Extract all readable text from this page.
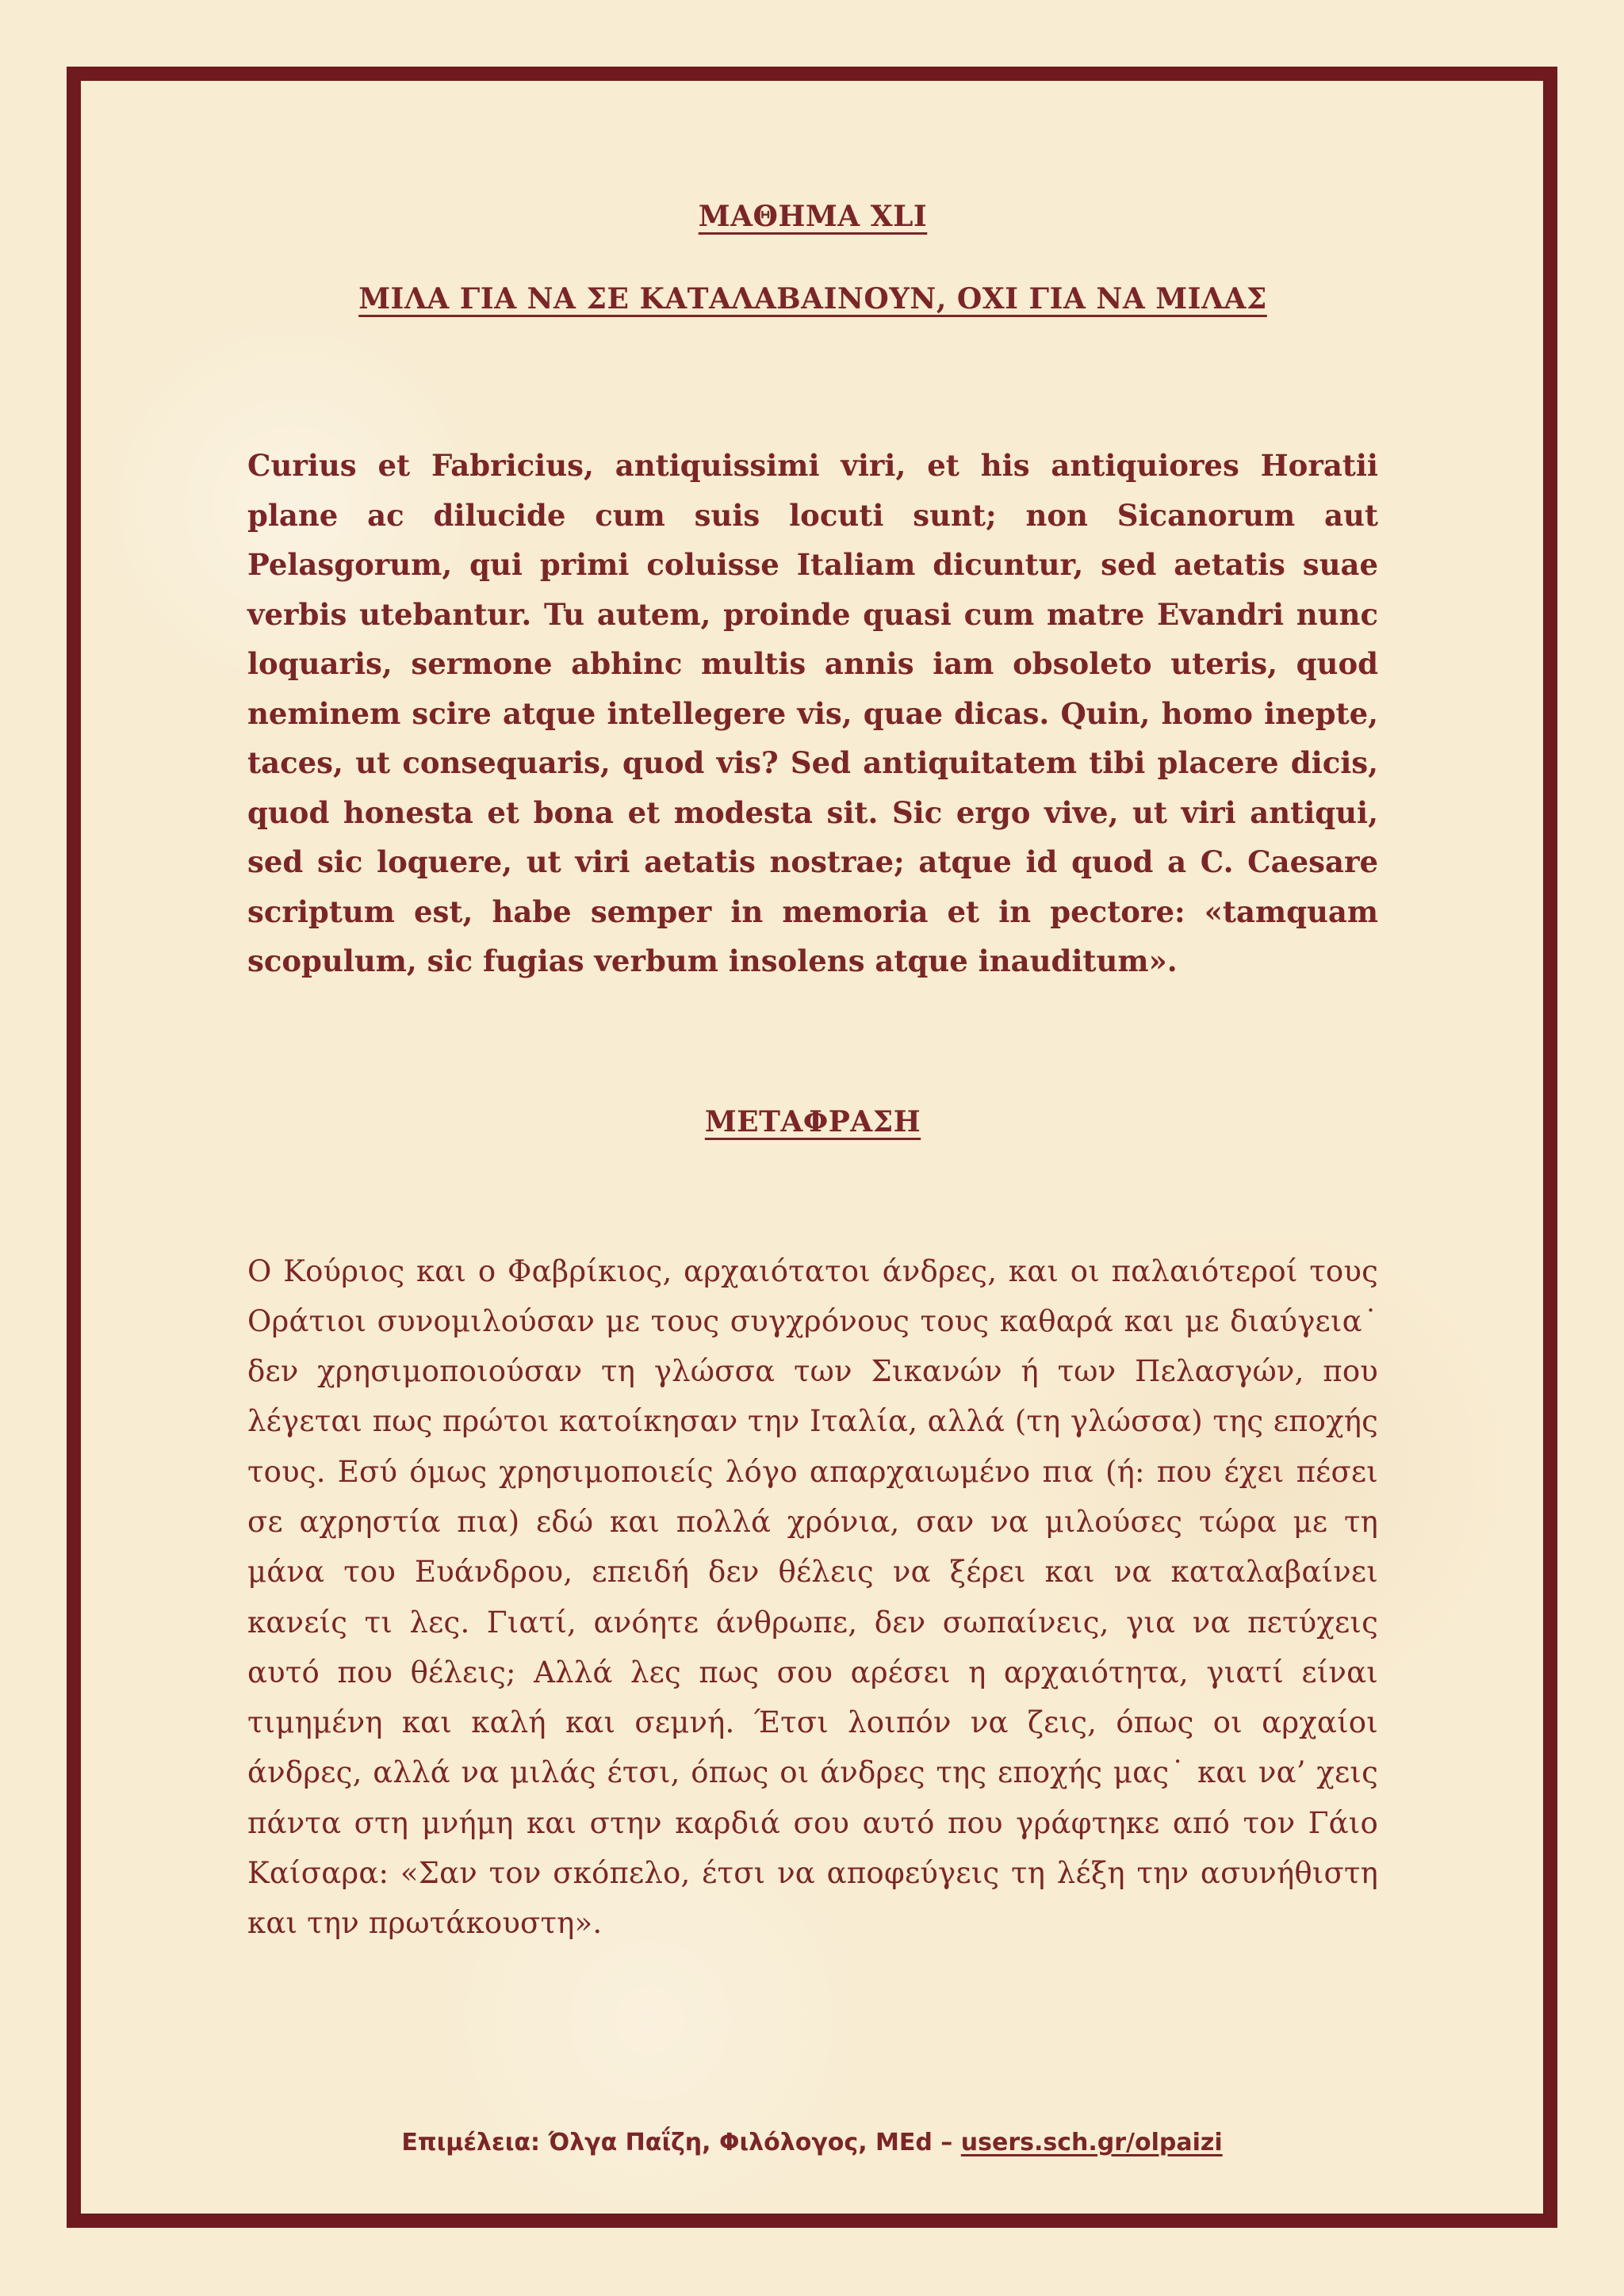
ΜΑΘΗΜΑ XLI

ΜΙΛΑ ΓΙΑ ΝΑ ΣΕ ΚΑΤΑΛΑΒΑΙΝΟΥΝ, ΟΧΙ ΓΙΑ ΝΑ ΜΙΛΑΣ

Curius et Fabricius, antiquissimi viri, et his antiquiores Horatii plane ac dilucide cum suis locuti sunt; non Sicanorum aut Pelasgorum, qui primi coluisse Italiam dicuntur, sed aetatis suae verbis utebantur. Tu autem, proinde quasi cum matre Evandri nunc loquaris, sermone abhinc multis annis iam obsoleto uteris, quod neminem scire atque intellegere vis, quae dicas. Quin, homo inepte, taces, ut consequaris, quod vis? Sed antiquitatem tibi placere dicis, quod honesta et bona et modesta sit. Sic ergo vive, ut viri antiqui, sed sic loquere, ut viri aetatis nostrae; atque id quod a C. Caesare scriptum est, habe semper in memoria et in pectore: «tamquam scopulum, sic fugias verbum insolens atque inauditum».

ΜΕΤΑΦΡΑΣΗ

Ο Κούριος και ο Φαβρίκιος, αρχαιότατοι άνδρες, και οι παλαιότεροί τους Οράτιοι συνομιλούσαν με τους συγχρόνους τους καθαρά και με διαύγεια˙ δεν χρησιμοποιούσαν τη γλώσσα των Σικανών ή των Πελασγών, που λέγεται πως πρώτοι κατοίκησαν την Ιταλία, αλλά (τη γλώσσα) της εποχής τους. Εσύ όμως χρησιμοποιείς λόγο απαρχαιωμένο πια (ή: που έχει πέσει σε αχρηστία πια) εδώ και πολλά χρόνια, σαν να μιλούσες τώρα με τη μάνα του Ευάνδρου, επειδή δεν θέλεις να ξέρει και να καταλαβαίνει κανείς τι λες. Γιατί, ανόητε άνθρωπε, δεν σωπαίνεις, για να πετύχεις αυτό που θέλεις; Αλλά λες πως σου αρέσει η αρχαιότητα, γιατί είναι τιμημένη και καλή και σεμνή. Έτσι λοιπόν να ζεις, όπως οι αρχαίοι άνδρες, αλλά να μιλάς έτσι, όπως οι άνδρες της εποχής μας˙ και να’ χεις πάντα στη μνήμη και στην καρδιά σου αυτό που γράφτηκε από τον Γάιο Καίσαρα: «Σαν τον σκόπελο, έτσι να αποφεύγεις τη λέξη την ασυνήθιστη και την πρωτάκουστη».

Επιμέλεια: Όλγα Παΐζη, Φιλόλογος, MEd – users.sch.gr/olpaizi
